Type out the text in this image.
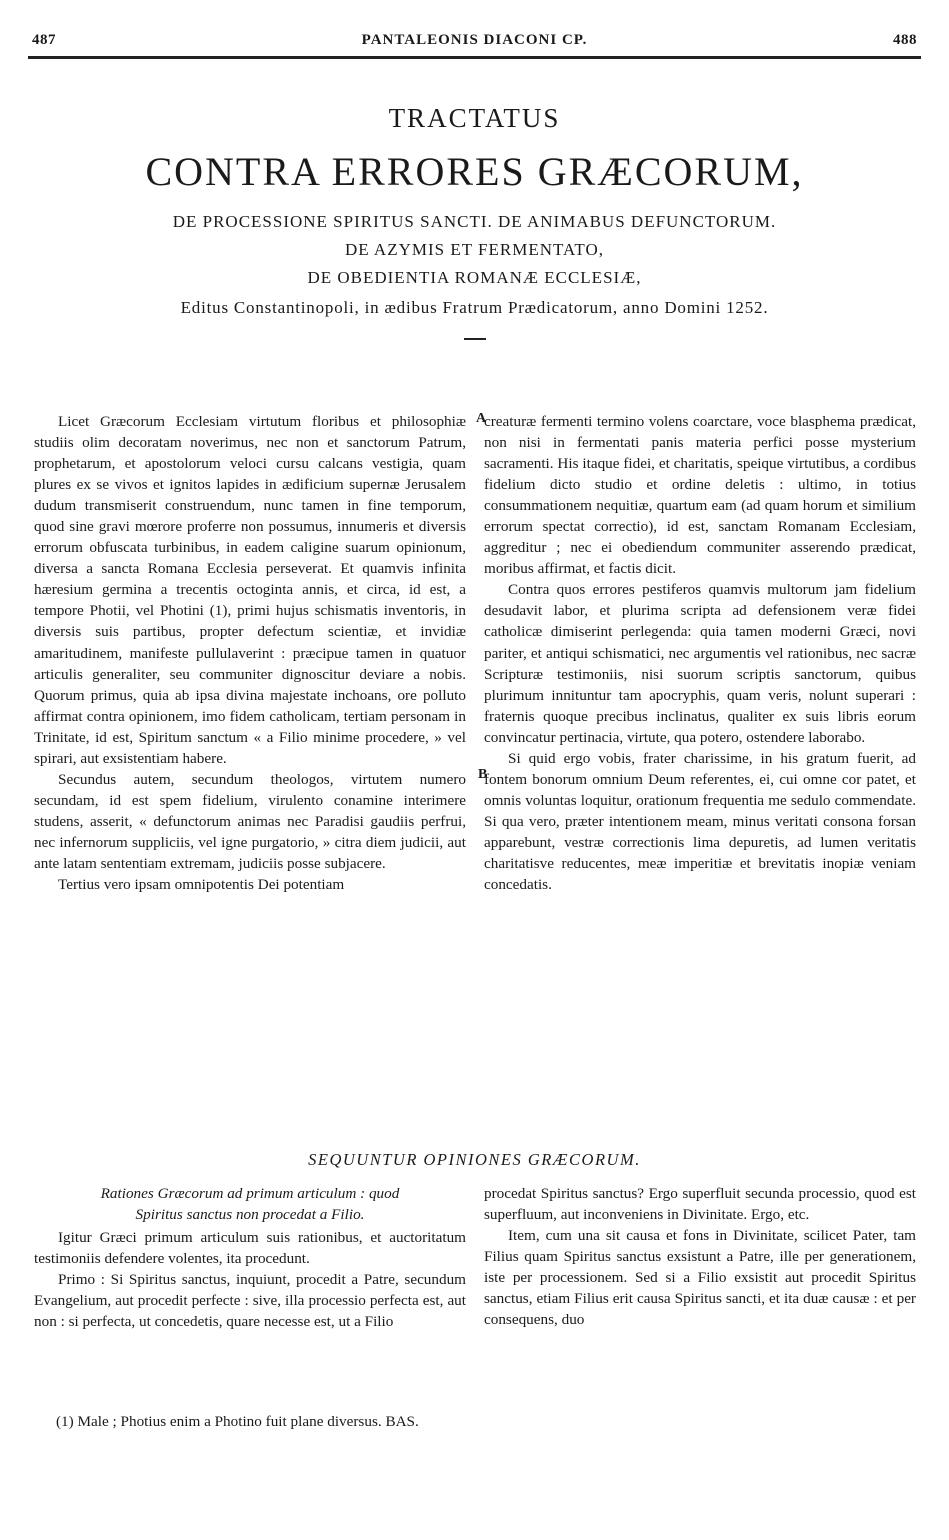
487	PANTALEONIS DIACONI CP.	488
TRACTATUS
CONTRA ERRORES GRÆCORUM,
DE PROCESSIONE SPIRITUS SANCTI. DE ANIMABUS DEFUNCTORUM.
DE AZYMIS ET FERMENTATO,
DE OBEDIENTIA ROMANÆ ECCLESIÆ,
Editus Constantinopoli, in ædibus Fratrum Prædicatorum, anno Domini 1252.
A
B

Licet Græcorum Ecclesiam virtutum floribus et philosophiæ studiis olim decoratam noverimus, nec non et sanctorum Patrum, prophetarum, et apostolorum veloci cursu calcans vestigia, quam plures ex se vivos et ignitos lapides in ædificium supernæ Jerusalem dudum transmiserit construendum, nunc tamen in fine temporum, quod sine gravi mœrore proferre non possumus, innumeris et diversis errorum obfuscata turbinibus, in eadem caligine suarum opinionum, diversa a sancta Romana Ecclesia perseverat. Et quamvis infinita hæresium germina a trecentis octoginta annis, et circa, id est, a tempore Photii, vel Photini (1), primi hujus schismatis inventoris, in diversis suis partibus, propter defectum scientiæ, et invidiæ amaritudinem, manifeste pullulaverint : præcipue tamen in quatuor articulis generaliter, seu communiter dignoscitur deviare a nobis. Quorum primus, quia ab ipsa divina majestate inchoans, ore polluto affirmat contra opinionem, imo fidem catholicam, tertiam personam in Trinitate, id est, Spiritum sanctum « a Filio minime procedere, » vel spirari, aut exsistentiam habere.

Secundus autem, secundum theologos, virtutem numero secundam, id est spem fidelium, virulento conamine interimere studens, asserit, « defunctorum animas nec Paradisi gaudiis perfrui, nec infernorum suppliciis, vel igne purgatorio, » citra diem judicii, aut ante latam sententiam extremam, judiciis posse subjacere.

Tertius vero ipsam omnipotentis Dei potentiam

creaturæ fermenti termino volens coarctare, voce blasphema prædicat, non nisi in fermentati panis materia perfici posse mysterium sacramenti. His itaque fidei, et charitatis, speique virtutibus, a cordibus fidelium dicto studio et ordine deletis : ultimo, in totius consummationem nequitiæ, quartum eam (ad quam horum et similium errorum spectat correctio), id est, sanctam Romanam Ecclesiam, aggreditur ; nec ei obediendum communiter asserendo prædicat, moribus affirmat, et factis dicit.

Contra quos errores pestiferos quamvis multorum jam fidelium desudavit labor, et plurima scripta ad defensionem veræ fidei catholicæ dimiserint perlegenda: quia tamen moderni Græci, novi pariter, et antiqui schismatici, nec argumentis vel rationibus, nec sacræ Scripturæ testimoniis, nisi suorum scriptis sanctorum, quibus plurimum innituntur tam apocryphis, quam veris, nolunt superari : fraternis quoque precibus inclinatus, qualiter ex suis libris eorum convincatur pertinacia, virtute, qua potero, ostendere laborabo.

Si quid ergo vobis, frater charissime, in his gratum fuerit, ad fontem bonorum omnium Deum referentes, ei, cui omne cor patet, et omnis voluntas loquitur, orationum frequentia me sedulo commendate. Si qua vero, præter intentionem meam, minus veritati consona forsan apparebunt, vestræ correctionis lima depuretis, ad lumen veritatis charitatisve reducentes, meæ imperitiæ et brevitatis inopiæ veniam concedatis.

SEQUUNTUR OPINIONES GRÆCORUM.

Rationes Græcorum ad primum articulum : quod
Spiritus sanctus non procedat a Filio.

Igitur Græci primum articulum suis rationibus, et auctoritatum testimoniis defendere volentes, ita procedunt.

Primo : Si Spiritus sanctus, inquiunt, procedit a Patre, secundum Evangelium, aut procedit perfecte : sive, illa processio perfecta est, aut non : si perfecta, ut concedetis, quare necesse est, ut a Filio

procedat Spiritus sanctus? Ergo superfluit secunda processio, quod est superfluum, aut inconveniens in Divinitate. Ergo, etc.

Item, cum una sit causa et fons in Divinitate, scilicet Pater, tam Filius quam Spiritus sanctus exsistunt a Patre, ille per generationem, iste per processionem. Sed si a Filio exsistit aut procedit Spiritus sanctus, etiam Filius erit causa Spiritus sancti, et ita duæ causæ : et per consequens, duo

(1) Male ; Photius enim a Photino fuit plane diversus. BAS.
